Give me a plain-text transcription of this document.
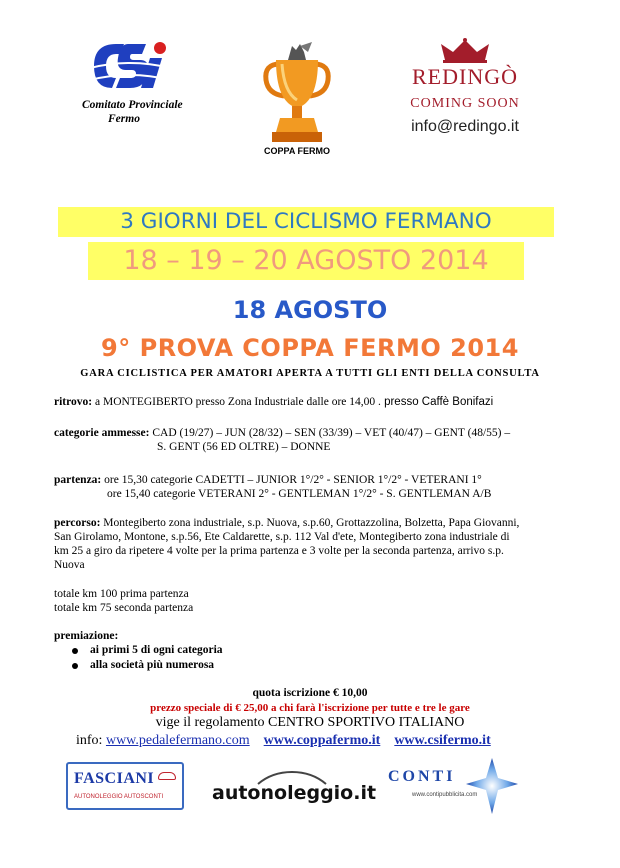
Comitato Provinciale
Fermo
COPPA FERMO
REDINGÒ
COMING SOON
info@redingo.it
3 GIORNI DEL CICLISMO FERMANO
18 – 19 – 20 AGOSTO 2014
18 AGOSTO
9° PROVA COPPA FERMO 2014
GARA CICLISTICA PER AMATORI APERTA A TUTTI GLI ENTI DELLA CONSULTA
ritrovo: a MONTEGIBERTO presso Zona Industriale dalle ore 14,00 . presso Caffè Bonifazi
categorie ammesse: CAD (19/27) – JUN (28/32) – SEN (33/39) – VET (40/47) – GENT (48/55) –
S. GENT (56 ED OLTRE) – DONNE
partenza: ore 15,30 categorie CADETTI – JUNIOR 1°/2° - SENIOR 1°/2° - VETERANI 1°
ore 15,40 categorie VETERANI 2° - GENTLEMAN 1°/2° - S. GENTLEMAN A/B
percorso: Montegiberto zona industriale, s.p. Nuova, s.p.60, Grottazzolina, Bolzetta, Papa Giovanni,
San Girolamo, Montone, s.p.56, Ete Caldarette, s.p. 112 Val d'ete, Montegiberto zona industriale di
km 25 a giro da ripetere 4 volte per la prima partenza e 3 volte per la seconda partenza, arrivo s.p.
Nuova
totale km 100 prima partenza
totale km 75 seconda partenza
premiazione:
ai primi 5 di ogni categoria
alla società più numerosa
quota iscrizione € 10,00
prezzo speciale di € 25,00 a chi farà l'iscrizione per tutte e tre le gare
vige il regolamento CENTRO SPORTIVO ITALIANO
info: www.pedalefermano.com www.coppafermo.it www.csifermo.it
FASCIANI
AUTONOLEGGIO AUTOSCONTI	autonoleggio.it
CONTI
www.contipubblicita.com
